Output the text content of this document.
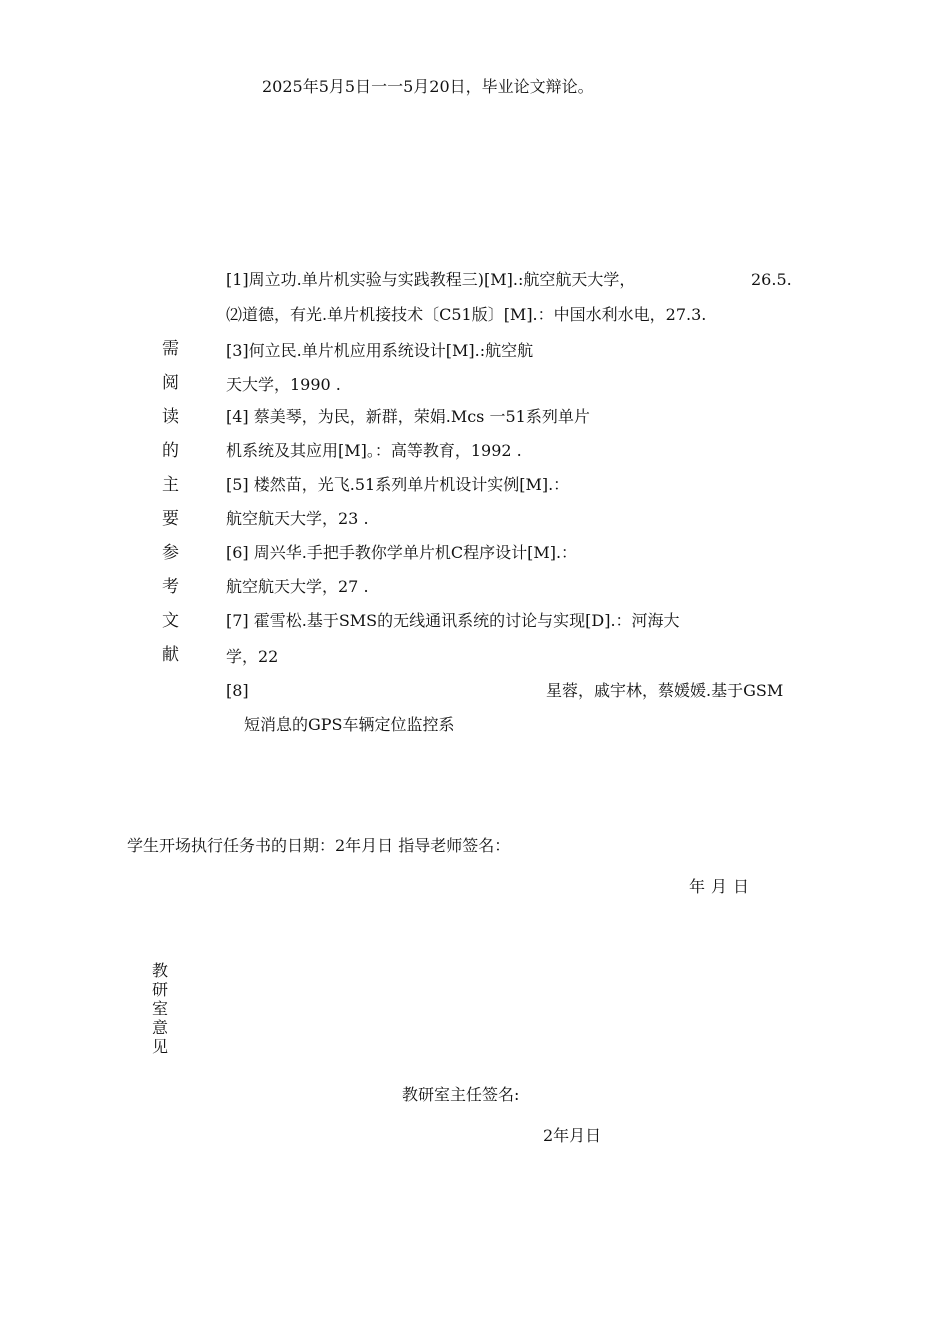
2025年5月5日一一5月20日，毕业论文辩论。
需
阅
读
的
主
要
参
考
文
献
[1]周立功.单片机实验与实践教程三)[M].:航空航天大学，	26.5.
⑵道德，有光.单片机接技术〔C51版〕[M].：中国水利水电，27.3.
[3]何立民.单片机应用系统设计[M].:航空航
天大学，1990 .
[4] 蔡美琴，为民，新群，荣娟.Mcs 一51系列单片
机系统及其应用[M]。：高等教育，1992 .
[5] 楼然苗，光飞.51系列单片机设计实例[M].：
航空航天大学，23 .
[6] 周兴华.手把手教你学单片机C程序设计[M].：
航空航天大学，27 .
[7] 霍雪松.基于SMS的无线通讯系统的讨论与实现[D].：河海大
学，22
[8]	星蓉，戚宇林，蔡媛媛.基于GSM
短消息的GPS车辆定位监控系
学生开场执行任务书的日期：2年月日 指导老师签名：
年月日
教
研
室
意
见
教研室主任签名:
2年月日
